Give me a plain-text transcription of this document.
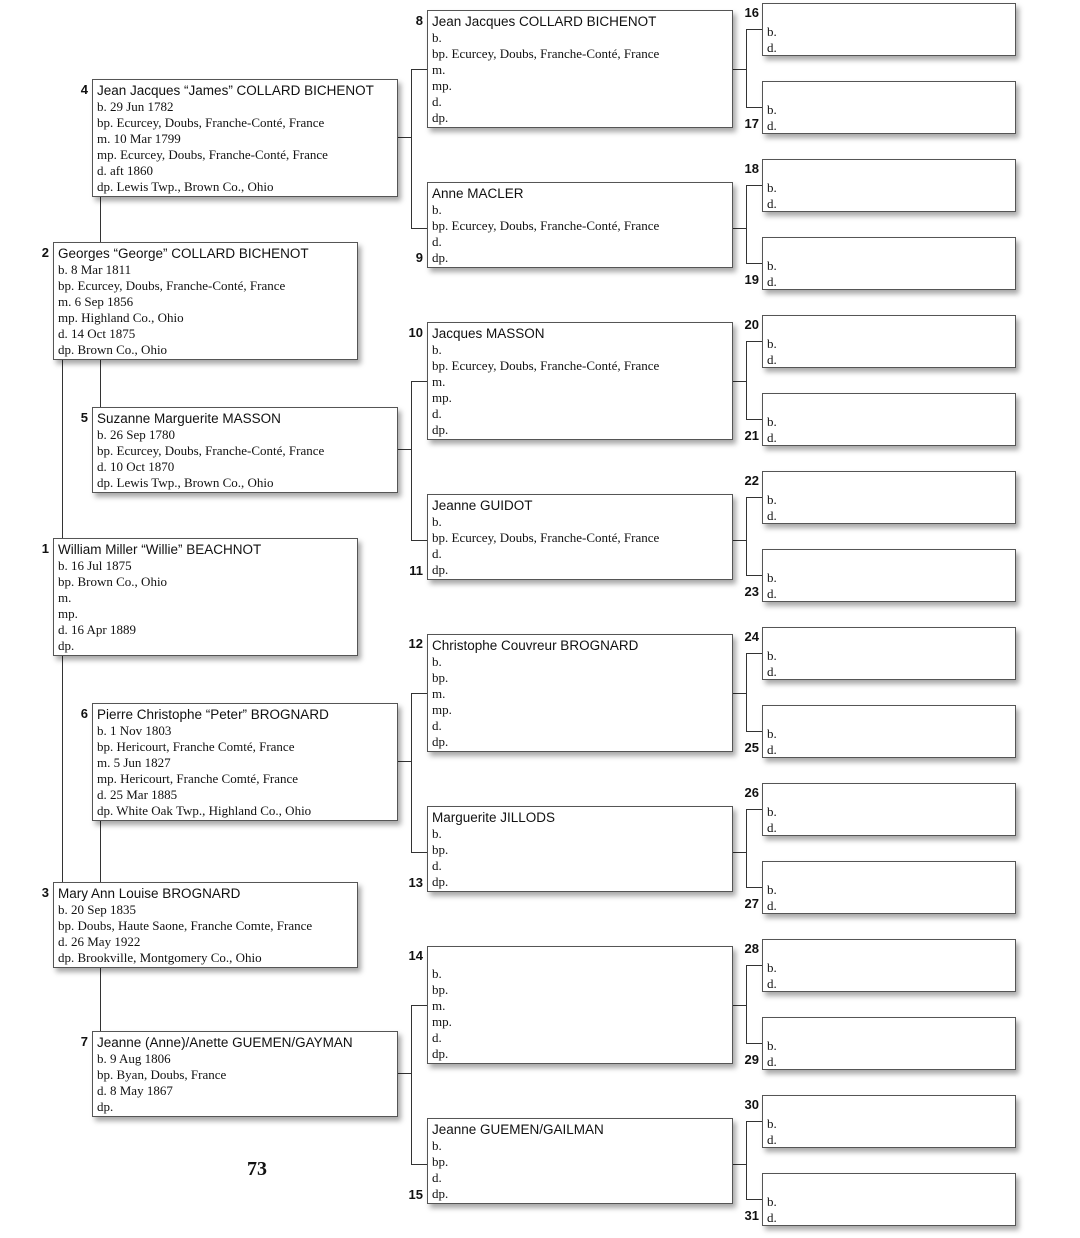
1 William Miller “Willie” BEACHNOT
b. 16 Jul 1875
bp. Brown Co., Ohio
m.
mp.
d. 16 Apr 1889
dp.
2 Georges “George” COLLARD BICHENOT
b. 8 Mar 1811
bp. Ecurcey, Doubs, Franche-Conté, France
m. 6 Sep 1856
mp. Highland Co., Ohio
d. 14 Oct 1875
dp. Brown Co., Ohio
3 Mary Ann Louise BROGNARD
b. 20 Sep 1835
bp. Doubs, Haute Saone, Franche Comte, France
d. 26 May 1922
dp. Brookville, Montgomery Co., Ohio
4 Jean Jacques “James” COLLARD BICHENOT
b. 29 Jun 1782
bp. Ecurcey, Doubs, Franche-Conté, France
m. 10 Mar 1799
mp. Ecurcey, Doubs, Franche-Conté, France
d. aft 1860
dp. Lewis Twp., Brown Co., Ohio
5 Suzanne Marguerite MASSON
b. 26 Sep 1780
bp. Ecurcey, Doubs, Franche-Conté, France
d. 10 Oct 1870
dp. Lewis Twp., Brown Co., Ohio
6 Pierre Christophe “Peter” BROGNARD
b. 1 Nov 1803
bp. Hericourt, Franche Comté, France
m. 5 Jun 1827
mp. Hericourt, Franche Comté, France
d. 25 Mar 1885
dp. White Oak Twp., Highland Co., Ohio
7 Jeanne (Anne)/Anette GUEMEN/GAYMAN
b. 9 Aug 1806
bp. Byan, Doubs, France
d. 8 May 1867
dp.
8 Jean Jacques COLLARD BICHENOT
b.
bp. Ecurcey, Doubs, Franche-Conté, France
m.
mp.
d.
dp.
9
Anne MACLER
b.
bp. Ecurcey, Doubs, Franche-Conté, France
d.
dp.
10 Jacques MASSON
b.
bp. Ecurcey, Doubs, Franche-Conté, France
m.
mp.
d.
dp.
11
Jeanne GUIDOT
b.
bp. Ecurcey, Doubs, Franche-Conté, France
d.
dp.
12 Christophe Couvreur BROGNARD
b.
bp.
m.
mp.
d.
dp.
13
Marguerite JILLODS
b.
bp.
d.
dp.
14
b.
bp.
m.
mp.
d.
dp.
15
Jeanne GUEMEN/GAILMAN
b.
bp.
d.
dp.
b.
d.
16
b.
d.
17
b.
d.
18
b.
d.
19
b.
d.
20
b.
d.
21
b.
d.
22
b.
d.
23
b.
d.
24
b.
d.
25
b.
d.
26
b.
d.
27
b.
d.
28
b.
d.
29
b.
d.
30
b.
d.
31
73
